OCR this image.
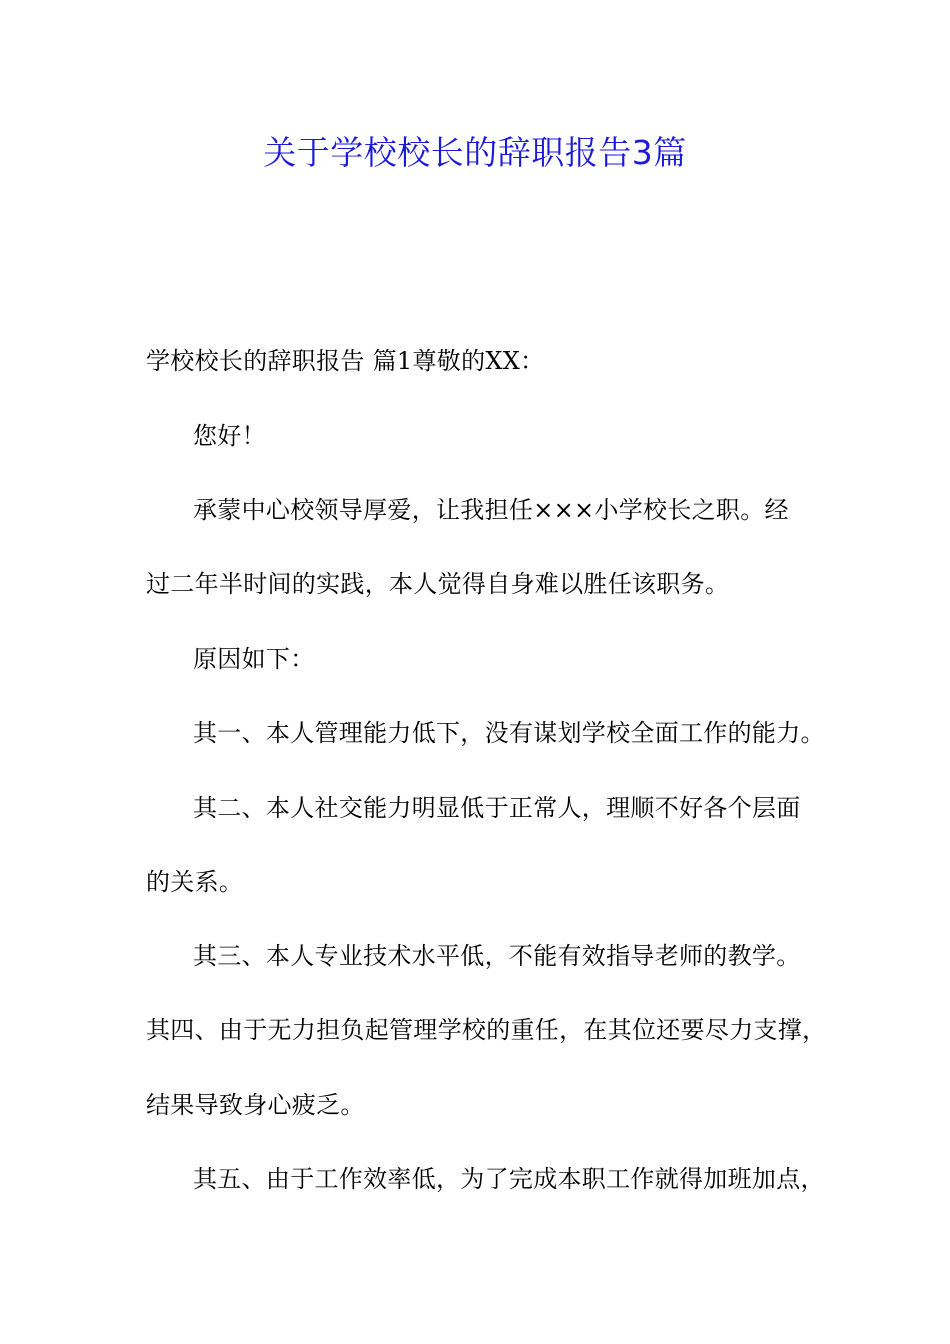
关于学校校长的辞职报告3篇
学校校长的辞职报告 篇1尊敬的XX：
您好！
承蒙中心校领导厚爱，让我担任×××小学校长之职。经
过二年半时间的实践，本人觉得自身难以胜任该职务。
原因如下：
其一、本人管理能力低下，没有谋划学校全面工作的能力。
其二、本人社交能力明显低于正常人，理顺不好各个层面
的关系。
其三、本人专业技术水平低，不能有效指导老师的教学。
其四、由于无力担负起管理学校的重任，在其位还要尽力支撑，
结果导致身心疲乏。
其五、由于工作效率低，为了完成本职工作就得加班加点，
